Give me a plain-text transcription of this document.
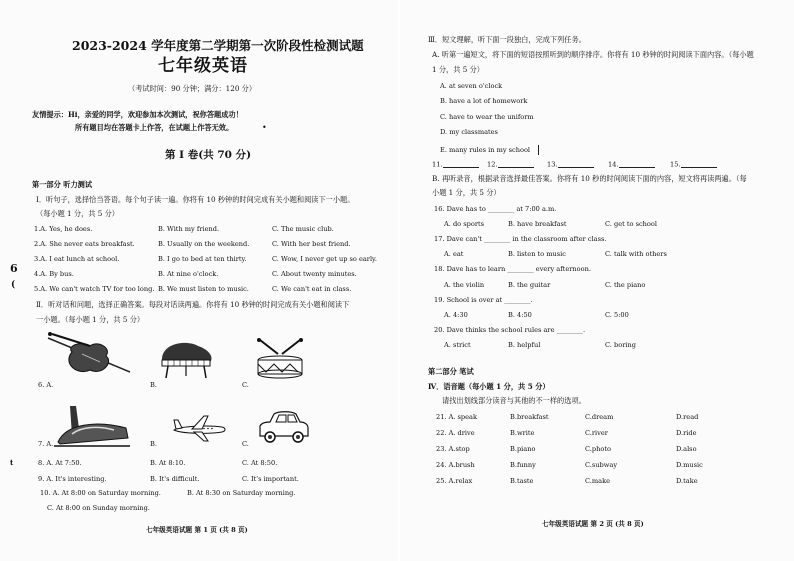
2023-2024 学年度第二学期第一次阶段性检测试题
七年级英语
（考试时间：90 分钟；满分：120 分）
友情提示：Hi，亲爱的同学，欢迎参加本次测试，祝你答题成功！
所有题目均在答题卡上作答，在试题上作答无效。	•
第 I 卷(共 70 分)
第一部分 听力测试
Ⅰ．听句子，选择恰当答语。每个句子读一遍。你将有 10 秒钟的时间完成有关小题和阅读下一小题。
（每小题 1 分，共 5 分）
1.A. Yes, he does.	B. With my friend.	C. The music club.
2.A. She never eats breakfast.	B. Usually on the weekend.	C. With her best friend.
3.A. I eat lunch at school.	B. I go to bed at ten thirty.	C. Wow, I never get up so early.
4.A. By bus.	B. At nine o'clock.	C. About twenty minutes.
5.A. We can't watch TV for too long. B. We must listen to music.	C. We can't eat in class.
Ⅱ．听对话和问题，选择正确答案。每段对话读两遍。你将有 10 秒钟的时间完成有关小题和阅读下
一小题。（每小题 1 分，共 5 分）
6
(
t
6. A.	B.	C.
7. A.	B.	C.
8. A. At 7:50.	B. At 8:10.	C. At 8:50.
9. A. It's interesting.	B. It's difficult.	C. It's important.
10. A. At 8:00 on Saturday morning.	B. At 8:30 on Saturday morning.
C. At 8:00 on Sunday morning.
七年级英语试题 第 1 页 (共 8 页)
Ⅲ．短文理解，听下面一段独白，完成下列任务。
A. 听第一遍短文，将下面的短语按照听到的顺序排序。你将有 10 秒钟的时间阅读下面内容。（每小题
1 分，共 5 分）
A. at seven o'clock
B. have a lot of homework
C. have to wear the uniform
D. my classmates
E. many rules in my school
11.	12.	13.	14.	15.
B. 再听录音，根据录音选择最佳答案。你将有 10 秒的时间阅读下面的内容，短文将再读两遍。（每
小题 1 分，共 5 分）
16. Dave has to ________ at 7:00 a.m.
A. do sports	B. have breakfast	C. get to school
17. Dave can't ________ in the classroom after class.
A. eat	B. listen to music	C. talk with others
18. Dave has to learn ________ every afternoon.
A. the violin	B. the guitar	C. the piano
19. School is over at ________.
A. 4:30	B. 4:50	C. 5:00
20. Dave thinks the school rules are ________.
A. strict	B. helpful	C. boring
第二部分 笔试
Ⅳ．语音题（每小题 1 分，共 5 分）
请找出划线部分读音与其他的不一样的选项。
21. A. speak	B.breakfast	C.dream	D.read
22. A. drive	B.write	C.river	D.ride
23. A.stop	B.piano	C.photo	D.also
24. A.brush	B.funny	C.subway	D.music
25. A.relax	B.taste	C.make	D.take
七年级英语试题 第 2 页 (共 8 页)
